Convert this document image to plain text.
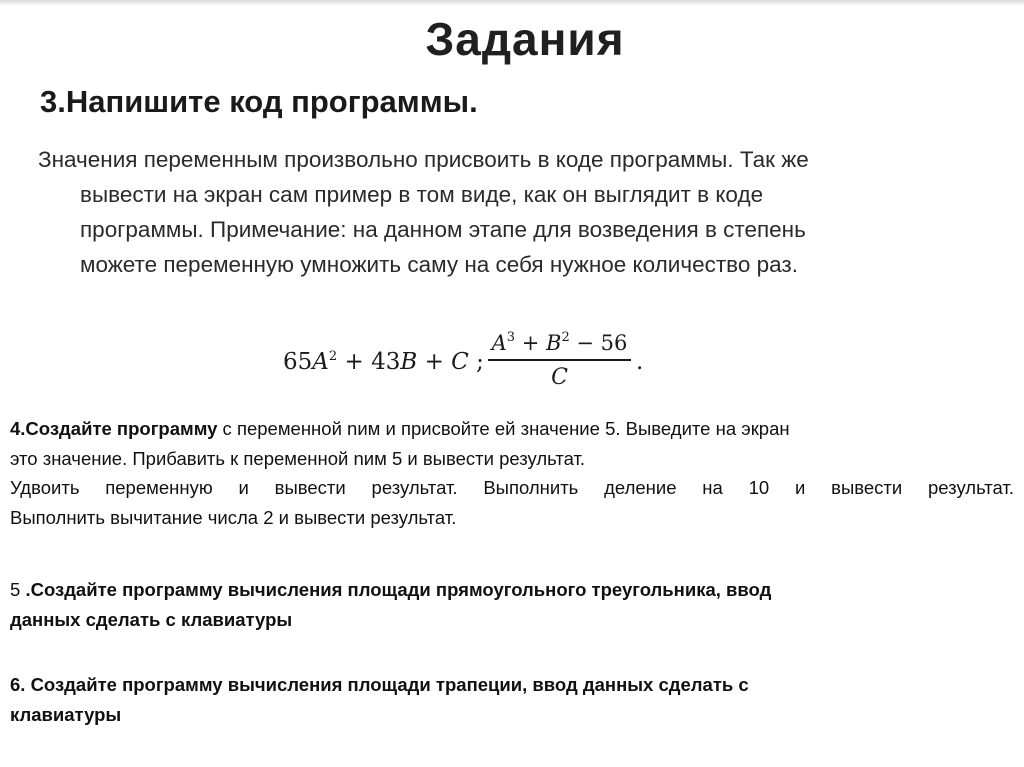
Задания
3.Напишите код программы.
Значения переменным произвольно присвоить в коде программы. Так же
вывести на экран сам пример в том виде, как он выглядит в коде
программы. Примечание: на данном этапе для возведения в степень
можете переменную умножить саму на себя нужное количество раз.
$65A^2 + 43B + C$ ;
$A^3 + B^2 - 56$
C
.
4.Создайте программу с переменной nим и присвойте ей значение 5. Выведите на экран
это значение. Прибавить к переменной nим 5 и вывести результат.
Удвоить переменную и вывести результат. Выполнить деление на 10 и вывести результат.
Выполнить вычитание числа 2 и вывести результат.
5 .Создайте программу вычисления площади прямоугольного треугольника, ввод
данных сделать с клавиатуры
6. Создайте программу вычисления площади трапеции, ввод данных сделать с
клавиатуры
